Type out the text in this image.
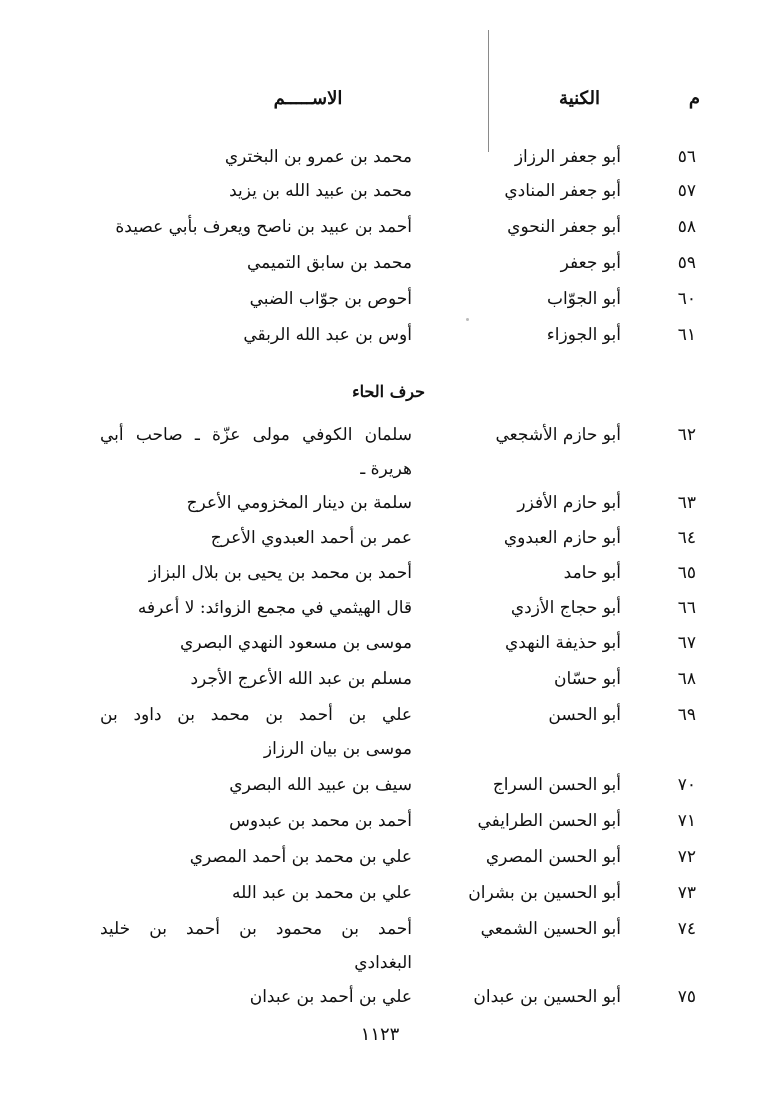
م
الكنية
الاســـــم
حرف الحاء
٥٦
أبو جعفر الرزاز
محمد بن عمرو بن البختري
٥٧
أبو جعفر المنادي
محمد بن عبيد الله بن يزيد
٥٨
أبو جعفر النحوي
أحمد بن عبيد بن ناصح ويعرف بأبي عصيدة
٥٩
أبو جعفر
محمد بن سابق التميمي
٦٠
أبو الجوّاب
أحوص بن جوّاب الضبي
٦١
أبو الجوزاء
أوس بن عبد الله الربقي
٦٢
أبو حازم الأشجعي
سلمان الكوفي مولى عزّة ـ صاحب أبي
هريرة ـ
٦٣
أبو حازم الأفزر
سلمة بن دينار المخزومي الأعرج
٦٤
أبو حازم العبدوي
عمر بن أحمد العبدوي الأعرج
٦٥
أبو حامد
أحمد بن محمد بن يحيى بن بلال البزاز
٦٦
أبو حجاج الأزدي
قال الهيثمي في مجمع الزوائد: لا أعرفه
٦٧
أبو حذيفة النهدي
موسى بن مسعود النهدي البصري
٦٨
أبو حسّان
مسلم بن عبد الله الأعرج الأجرد
٦٩
أبو الحسن
علي بن أحمد بن محمد بن داود بن
موسى بن بيان الرزاز
٧٠
أبو الحسن السراج
سيف بن عبيد الله البصري
٧١
أبو الحسن الطرايفي
أحمد بن محمد بن عبدوس
٧٢
أبو الحسن المصري
علي بن محمد بن أحمد المصري
٧٣
أبو الحسين بن بشران
علي بن محمد بن عبد الله
٧٤
أبو الحسين الشمعي
أحمد بن محمود بن أحمد بن خليد
البغدادي
٧٥
أبو الحسين بن عبدان
علي بن أحمد بن عبدان
١١٢٣
